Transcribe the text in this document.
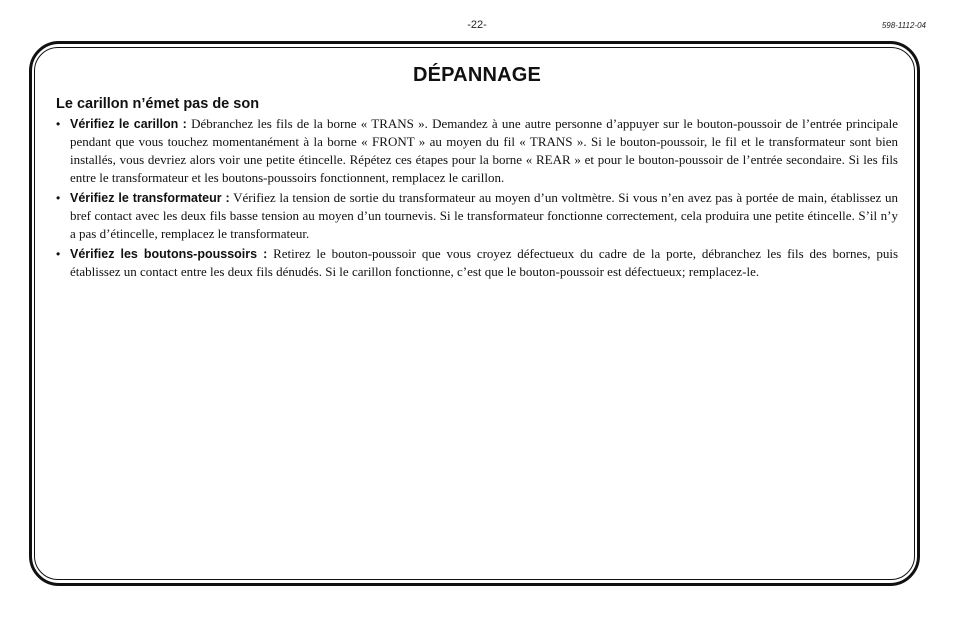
-22-	598-1112-04
DÉPANNAGE
Le carillon n’émet pas de son
• Vérifiez le carillon : Débranchez les fils de la borne « TRANS ». Demandez à une autre personne d’appuyer sur le bouton-poussoir de l’entrée principale pendant que vous touchez momentanément à la borne « FRONT » au moyen du fil « TRANS ». Si le bouton-poussoir, le fil et le transformateur sont bien installés, vous devriez alors voir une petite étincelle. Répétez ces étapes pour la borne « REAR » et pour le bouton-poussoir de l’entrée secondaire. Si les fils entre le transformateur et les boutons-poussoirs fonctionnent, remplacez le carillon.
• Vérifiez le transformateur : Vérifiez la tension de sortie du transformateur au moyen d’un voltmètre. Si vous n’en avez pas à portée de main, établissez un bref contact avec les deux fils basse tension au moyen d’un tournevis. Si le transformateur fonctionne correctement, cela produira une petite étincelle. S’il n’y a pas d’étincelle, remplacez le transformateur.
• Vérifiez les boutons-poussoirs : Retirez le bouton-poussoir que vous croyez défectueux du cadre de la porte, débranchez les fils des bornes, puis établissez un contact entre les deux fils dénudés. Si le carillon fonctionne, c’est que le bouton-poussoir est défectueux; remplacez-le.
